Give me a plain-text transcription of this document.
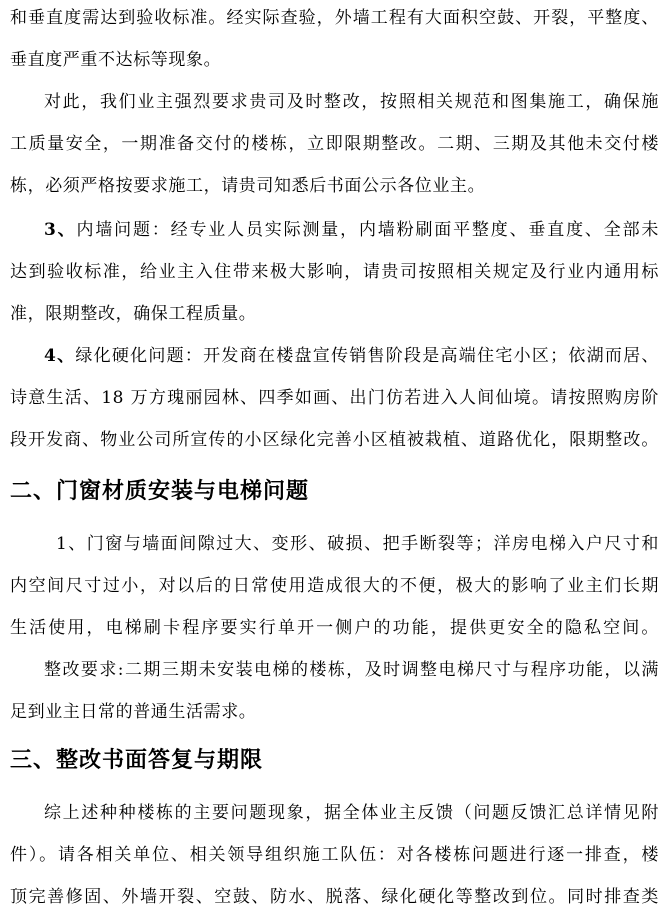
和垂直度需达到验收标准。经实际查验，外墙工程有大面积空鼓、开裂，平整度、
垂直度严重不达标等现象。
对此，我们业主强烈要求贵司及时整改，按照相关规范和图集施工，确保施
工质量安全，一期准备交付的楼栋，立即限期整改。二期、三期及其他未交付楼
栋，必须严格按要求施工，请贵司知悉后书面公示各位业主。
3、内墙问题：经专业人员实际测量，内墙粉刷面平整度、垂直度、全部未
达到验收标准，给业主入住带来极大影响，请贵司按照相关规定及行业内通用标
准，限期整改，确保工程质量。
4、绿化硬化问题：开发商在楼盘宣传销售阶段是高端住宅小区；依湖而居、
诗意生活、18 万方瑰丽园林、四季如画、出门仿若进入人间仙境。请按照购房阶
段开发商、物业公司所宣传的小区绿化完善小区植被栽植、道路优化，限期整改。
二、门窗材质安装与电梯问题
1、门窗与墙面间隙过大、变形、破损、把手断裂等；洋房电梯入户尺寸和
内空间尺寸过小，对以后的日常使用造成很大的不便，极大的影响了业主们长期
生活使用，电梯刷卡程序要实行单开一侧户的功能，提供更安全的隐私空间。
整改要求:二期三期未安装电梯的楼栋，及时调整电梯尺寸与程序功能，以满
足到业主日常的普通生活需求。
三、整改书面答复与期限
综上述种种楼栋的主要问题现象，据全体业主反馈（问题反馈汇总详情见附
件）。请各相关单位、相关领导组织施工队伍：对各楼栋问题进行逐一排查，楼
顶完善修固、外墙开裂、空鼓、防水、脱落、绿化硬化等整改到位。同时排查类
